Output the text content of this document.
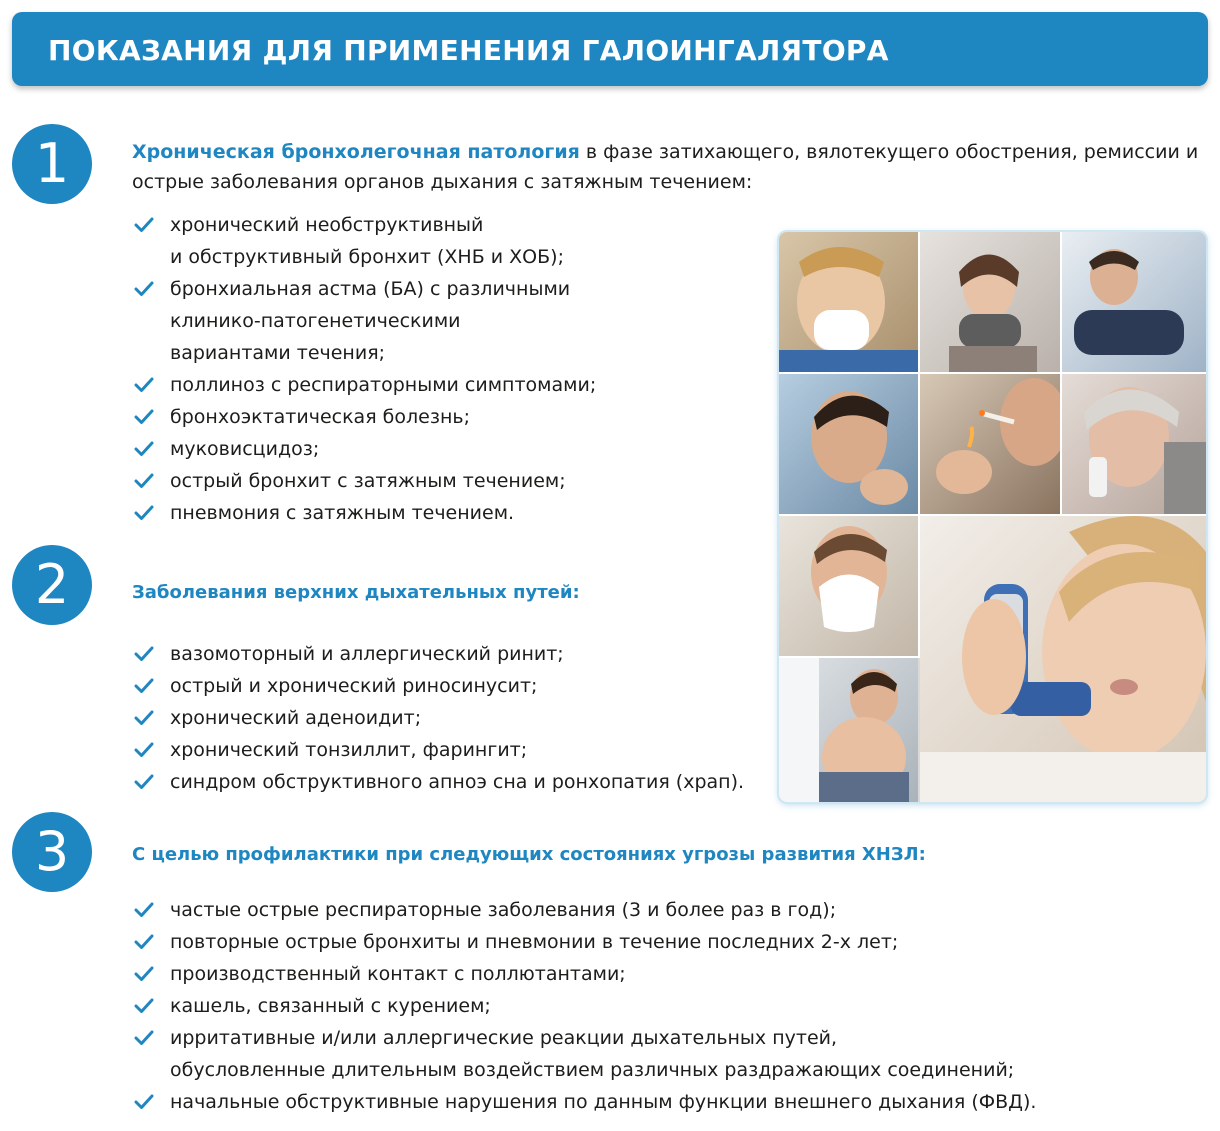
ПОКАЗАНИЯ ДЛЯ ПРИМЕНЕНИЯ ГАЛОИНГАЛЯТОРА
1	Хроническая бронхолегочная патология в фазе затихающего, вялотекущего обострения, ремиссии и
острые заболевания органов дыхания с затяжным течением:
хронический необструктивный
и обструктивный бронхит (ХНБ и ХОБ);
бронхиальная астма (БА) с различными
клинико-патогенетическими
вариантами течения;
поллиноз с респираторными симптомами;
бронхоэктатическая болезнь;
муковисцидоз;
острый бронхит с затяжным течением;
пневмония с затяжным течением.
2	Заболевания верхних дыхательных путей:
вазомоторный и аллергический ринит;
острый и хронический риносинусит;
хронический аденоидит;
хронический тонзиллит, фарингит;
синдром обструктивного апноэ сна и ронхопатия (храп).
3	С целью профилактики при следующих состояниях угрозы развития ХНЗЛ:
частые острые респираторные заболевания (3 и более раз в год);
повторные острые бронхиты и пневмонии в течение последних 2-х лет;
производственный контакт с поллютантами;
кашель, связанный с курением;
ирритативные и/или аллергические реакции дыхательных путей,
обусловленные длительным воздействием различных раздражающих соединений;
начальные обструктивные нарушения по данным функции внешнего дыхания (ФВД).
